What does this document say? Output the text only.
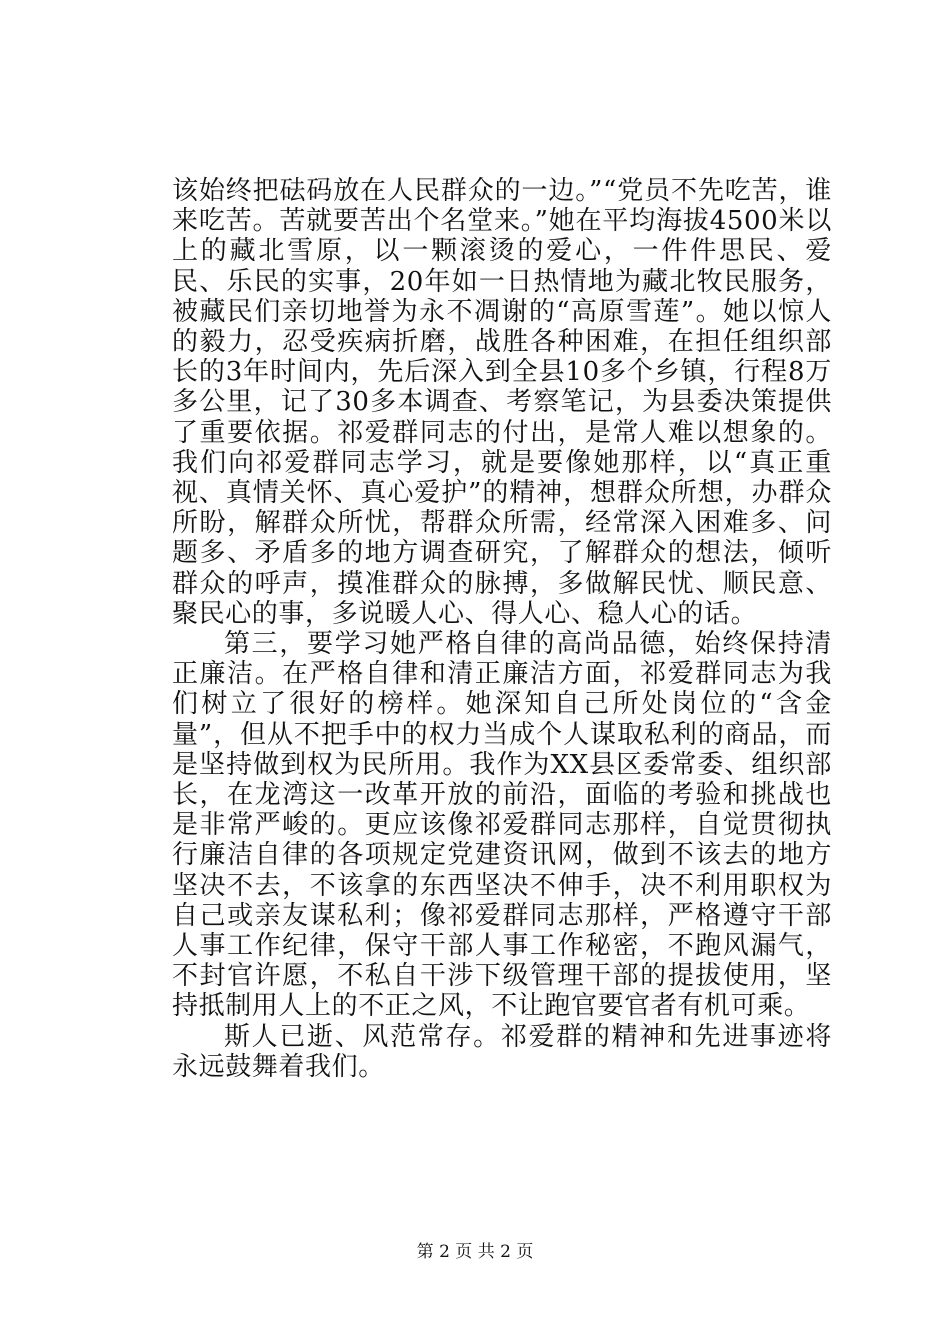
该始终把砝码放在人民群众的一边。”“党员不先吃苦，谁来吃苦。苦就要苦出个名堂来。”她在平均海拔4500米以上的藏北雪原，以一颗滚烫的爱心，一件件思民、爱民、乐民的实事，20年如一日热情地为藏北牧民服务，被藏民们亲切地誉为永不凋谢的“高原雪莲”。她以惊人的毅力，忍受疾病折磨，战胜各种困难，在担任组织部长的3年时间内，先后深入到全县10多个乡镇，行程8万多公里，记了30多本调查、考察笔记，为县委决策提供了重要依据。祁爱群同志的付出，是常人难以想象的。我们向祁爱群同志学习，就是要像她那样，以“真正重视、真情关怀、真心爱护”的精神，想群众所想，办群众所盼，解群众所忧，帮群众所需，经常深入困难多、问题多、矛盾多的地方调查研究，了解群众的想法，倾听群众的呼声，摸准群众的脉搏，多做解民忧、顺民意、聚民心的事，多说暖人心、得人心、稳人心的话。

第三，要学习她严格自律的高尚品德，始终保持清正廉洁。在严格自律和清正廉洁方面，祁爱群同志为我们树立了很好的榜样。她深知自己所处岗位的“含金量”，但从不把手中的权力当成个人谋取私利的商品，而是坚持做到权为民所用。我作为XX县区委常委、组织部长，在龙湾这一改革开放的前沿，面临的考验和挑战也是非常严峻的。更应该像祁爱群同志那样，自觉贯彻执行廉洁自律的各项规定党建资讯网，做到不该去的地方坚决不去，不该拿的东西坚决不伸手，决不利用职权为自己或亲友谋私利；像祁爱群同志那样，严格遵守干部人事工作纪律，保守干部人事工作秘密，不跑风漏气，不封官许愿，不私自干涉下级管理干部的提拔使用，坚持抵制用人上的不正之风，不让跑官要官者有机可乘。

斯人已逝、风范常存。祁爱群的精神和先进事迹将永远鼓舞着我们。

第 2 页 共 2 页
